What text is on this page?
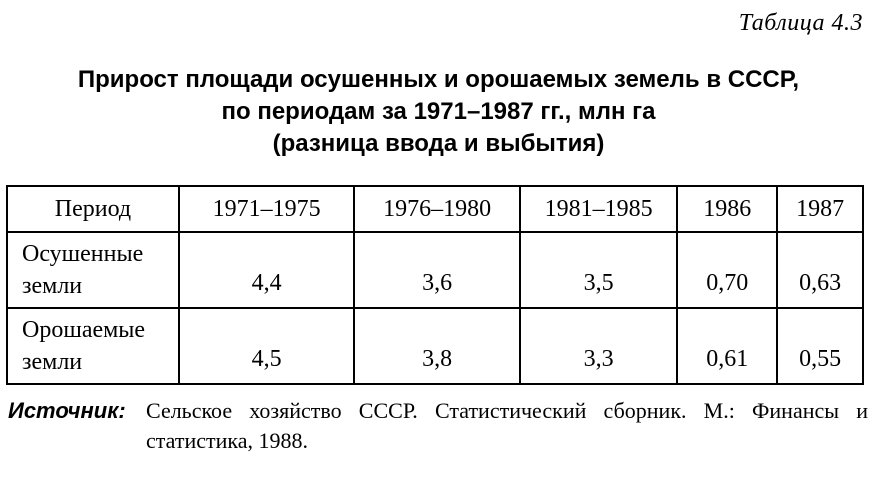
Таблица 4.3
Прирост площади осушенных и орошаемых земель в СССР,
по периодам за 1971–1987 гг., млн га
(разница ввода и выбытия)
Период	1971–1975	1976–1980	1981–1985	1986	1987

Осушенные
земли	4,4	3,6	3,5	0,70	0,63

Орошаемые
земли	4,5	3,8	3,3	0,61	0,55
Источник: Сельское хозяйство СССР. Статистический сборник. М.: Финансы и статистика, 1988.
